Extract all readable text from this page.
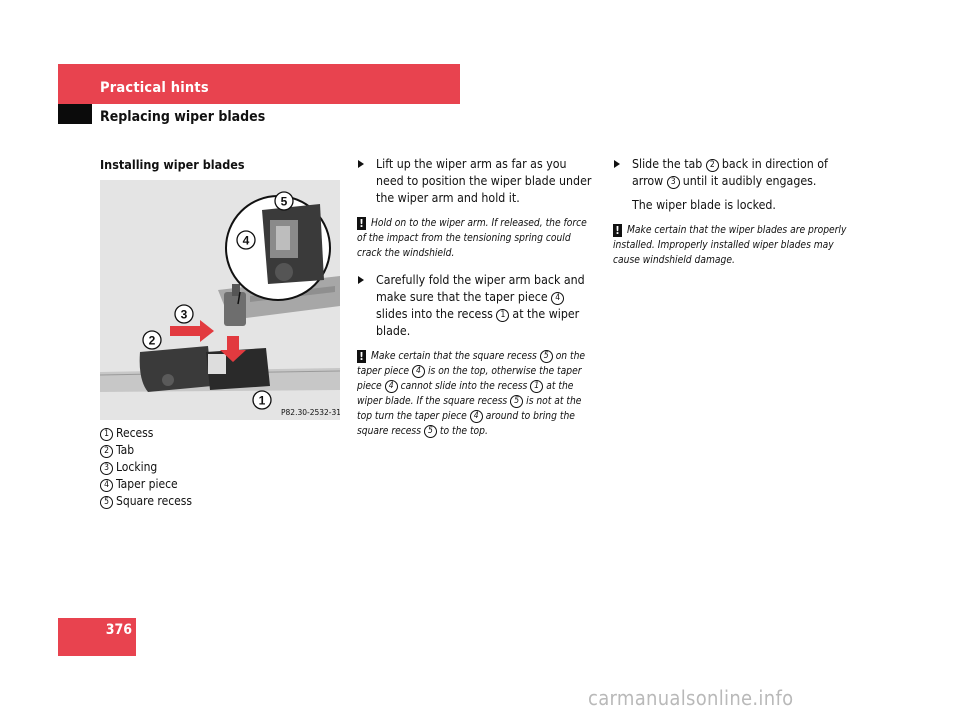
Practical hints
Replacing wiper blades
Installing wiper blades
5
4
3
2
1
P82.30-2532-31
1 Recess
2 Tab
3 Locking
4 Taper piece
5 Square recess
Lift up the wiper arm as far as you need to position the wiper blade under the wiper arm and hold it.
! Hold on to the wiper arm. If released, the force of the impact from the tensioning spring could crack the windshield.
Carefully fold the wiper arm back and make sure that the taper piece 4slides into the recess 1 at the wiper blade.
! Make certain that the square recess 5 on the taper piece 4 is on the top, otherwise the taper piece 4 cannot slide into the recess 1 at the wiper blade. If the square recess 5 is not at the top turn the taper piece 4 around to bring the square recess 5 to the top.
Slide the tab 2 back in direction of arrow 3 until it audibly engages.
The wiper blade is locked.
! Make certain that the wiper blades are properly installed. Improperly installed wiper blades may cause windshield damage.
376
carmanualsonline.info
